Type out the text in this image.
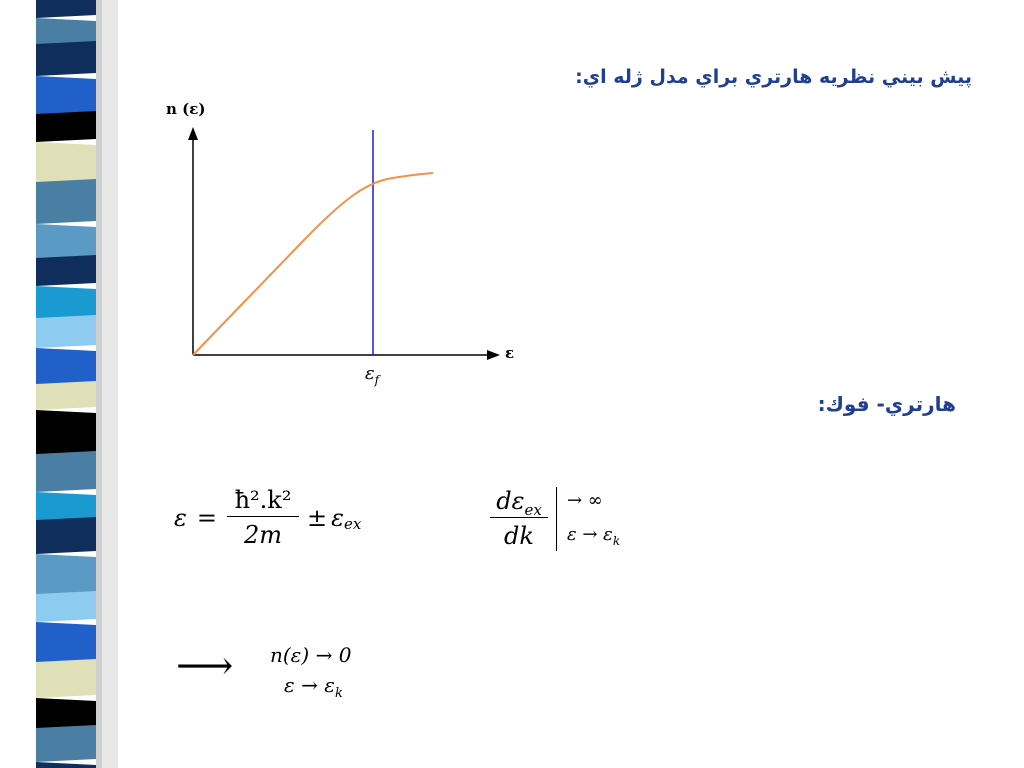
پيش بيني نظريه هارتري براي مدل ژله اي:
n (ε)
ε
$\varepsilon_f$
هارتري- فوك:
ε =
ħ².k²
2m
± ε ex
$d\varepsilon_{ex}$
dk
→ ∞
$\varepsilon \to \varepsilon_k$
⟶ n(ε) → 0
$\varepsilon \to \varepsilon_k$
